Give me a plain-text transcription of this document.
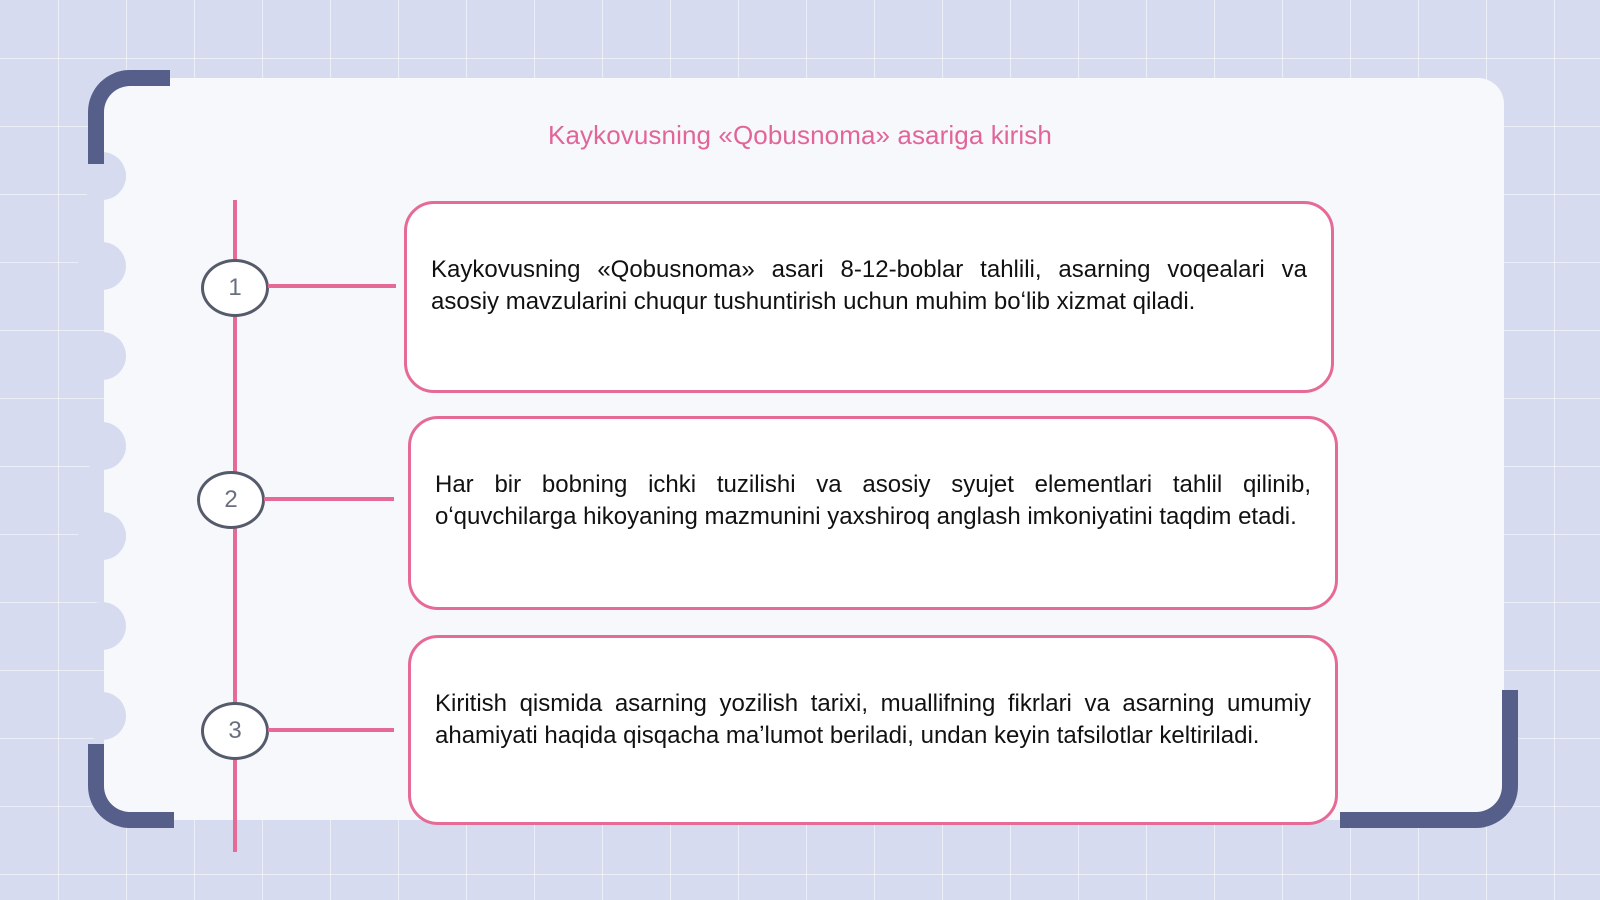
Kaykovusning «Qobusnoma» asariga kirish
1

Kaykovusning «Qobusnoma» asari 8-12-boblar tahlili, asarning voqealari va asosiy mavzularini chuqur tushuntirish uchun muhim boʻlib xizmat qiladi.

2

Har bir bobning ichki tuzilishi va asosiy syujet elementlari tahlil qilinib, oʻquvchilarga hikoyaning mazmunini yaxshiroq anglash imkoniyatini taqdim etadi.

3

Kiritish qismida asarning yozilish tarixi, muallifning fikrlari va asarning umumiy ahamiyati haqida qisqacha maʼlumot beriladi, undan keyin tafsilotlar keltiriladi.
